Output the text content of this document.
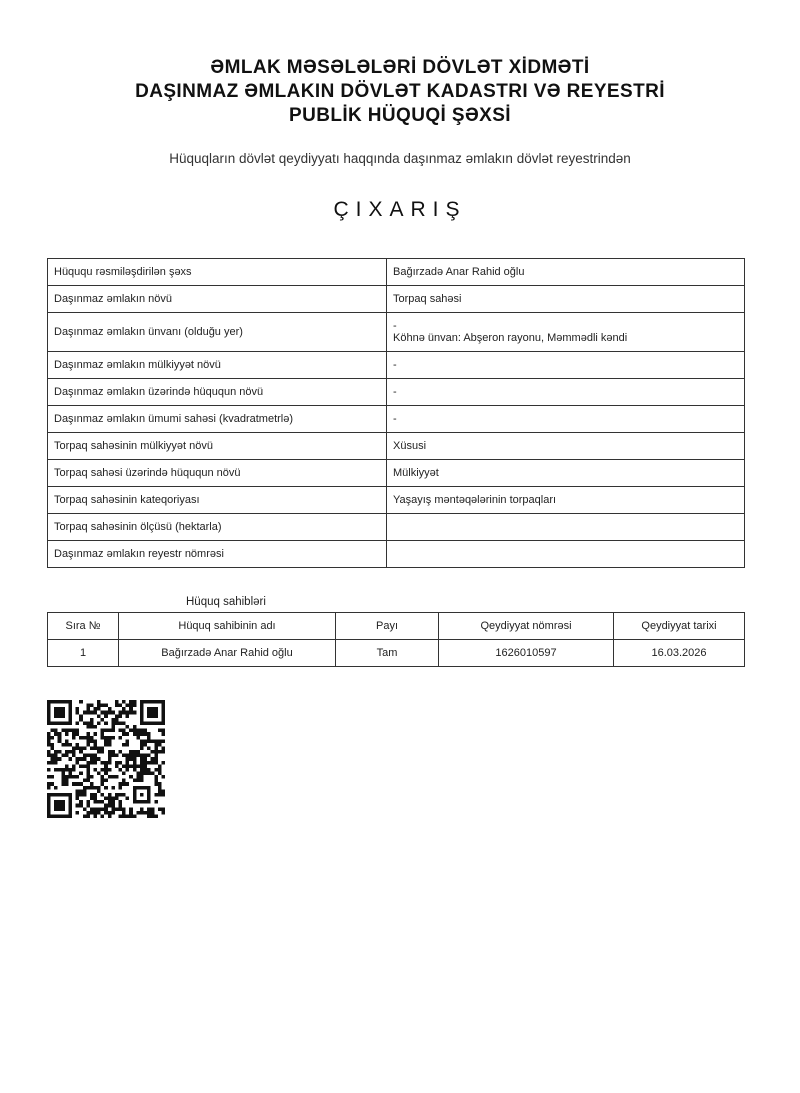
ƏMLAK MƏSƏLƏLƏRİ DÖVLƏT XİDMƏTİ
DAŞINMAZ ƏMLAKIN DÖVLƏT KADASTRI VƏ REYESTRİ
PUBLİK HÜQUQİ ŞƏXSİ
Hüquqların dövlət qeydiyyatı haqqında daşınmaz əmlakın dövlət reyestrindən
ÇIXARIŞ
Hüququ rəsmiləşdirilən şəxs	Bağırzadə Anar Rahid oğlu
Daşınmaz əmlakın növü	Torpaq sahəsi
Daşınmaz əmlakın ünvanı (olduğu yer)	-
Köhnə ünvan: Abşeron rayonu, Məmmədli kəndi

Daşınmaz əmlakın mülkiyyət növü	-
Daşınmaz əmlakın üzərində hüququn növü	-
Daşınmaz əmlakın ümumi sahəsi (kvadratmetrlə)	-
Torpaq sahəsinin mülkiyyət növü	Xüsusi
Torpaq sahəsi üzərində hüququn növü	Mülkiyyət
Torpaq sahəsinin kateqoriyası	Yaşayış məntəqələrinin torpaqları
Torpaq sahəsinin ölçüsü (hektarla)	
Daşınmaz əmlakın reyestr nömrəsi	
Hüquq sahibləri
Sıra №	Hüquq sahibinin adı	Payı	Qeydiyyat nömrəsi	Qeydiyyat tarixi
1	Bağırzadə Anar Rahid oğlu	Tam	1626010597	16.03.2026
